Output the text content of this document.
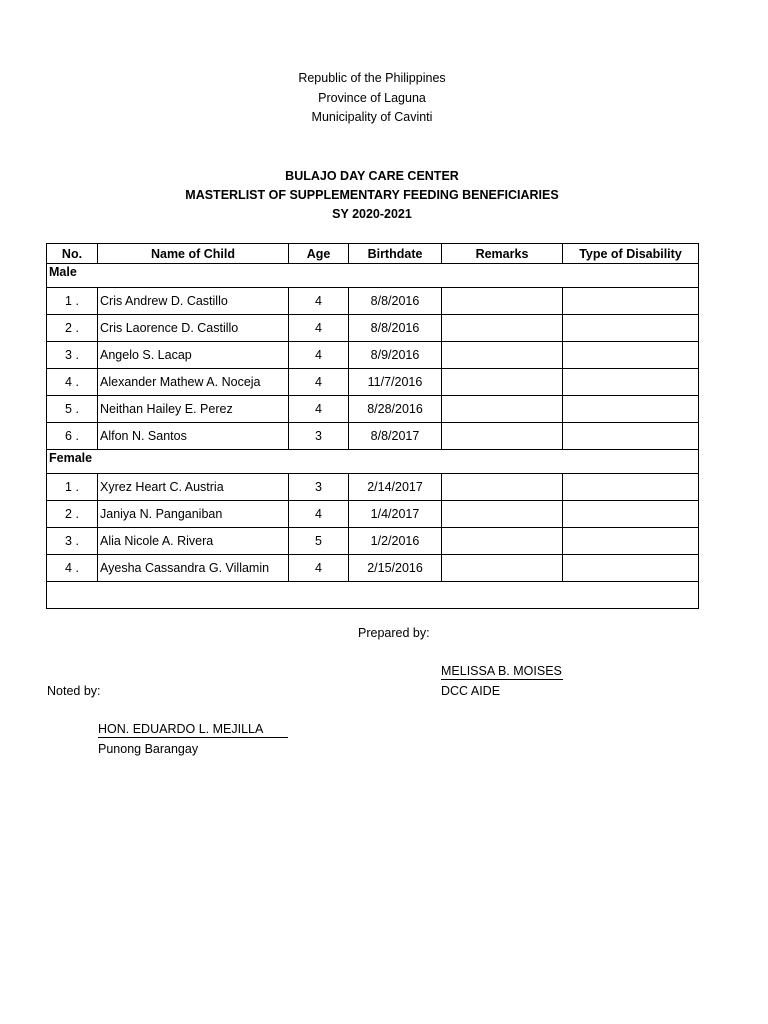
Republic of the Philippines
Province of Laguna
Municipality of Cavinti
BULAJO DAY CARE CENTER
MASTERLIST OF SUPPLEMENTARY FEEDING BENEFICIARIES
SY 2020-2021
No.	Name of Child	Age	Birthdate	Remarks	Type of Disability
Male					
1 .	Cris Andrew D. Castillo	4	8/8/2016		
2 .	Cris Laorence D. Castillo	4	8/8/2016		
3 .	Angelo S. Lacap	4	8/9/2016		
4 .	Alexander Mathew A. Noceja	4	11/7/2016		
5 .	Neithan Hailey E. Perez	4	8/28/2016		
6 .	Alfon N. Santos	3	8/8/2017		
Female					
1 .	Xyrez Heart C. Austria	3	2/14/2017		
2 .	Janiya N. Panganiban	4	1/4/2017		
3 .	Alia Nicole A. Rivera	5	1/2/2016		
4 .	Ayesha Cassandra G. Villamin	4	2/15/2016		

Prepared by:
MELISSA B. MOISES
DCC AIDE
Noted by:
HON. EDUARDO L. MEJILLA
Punong Barangay
